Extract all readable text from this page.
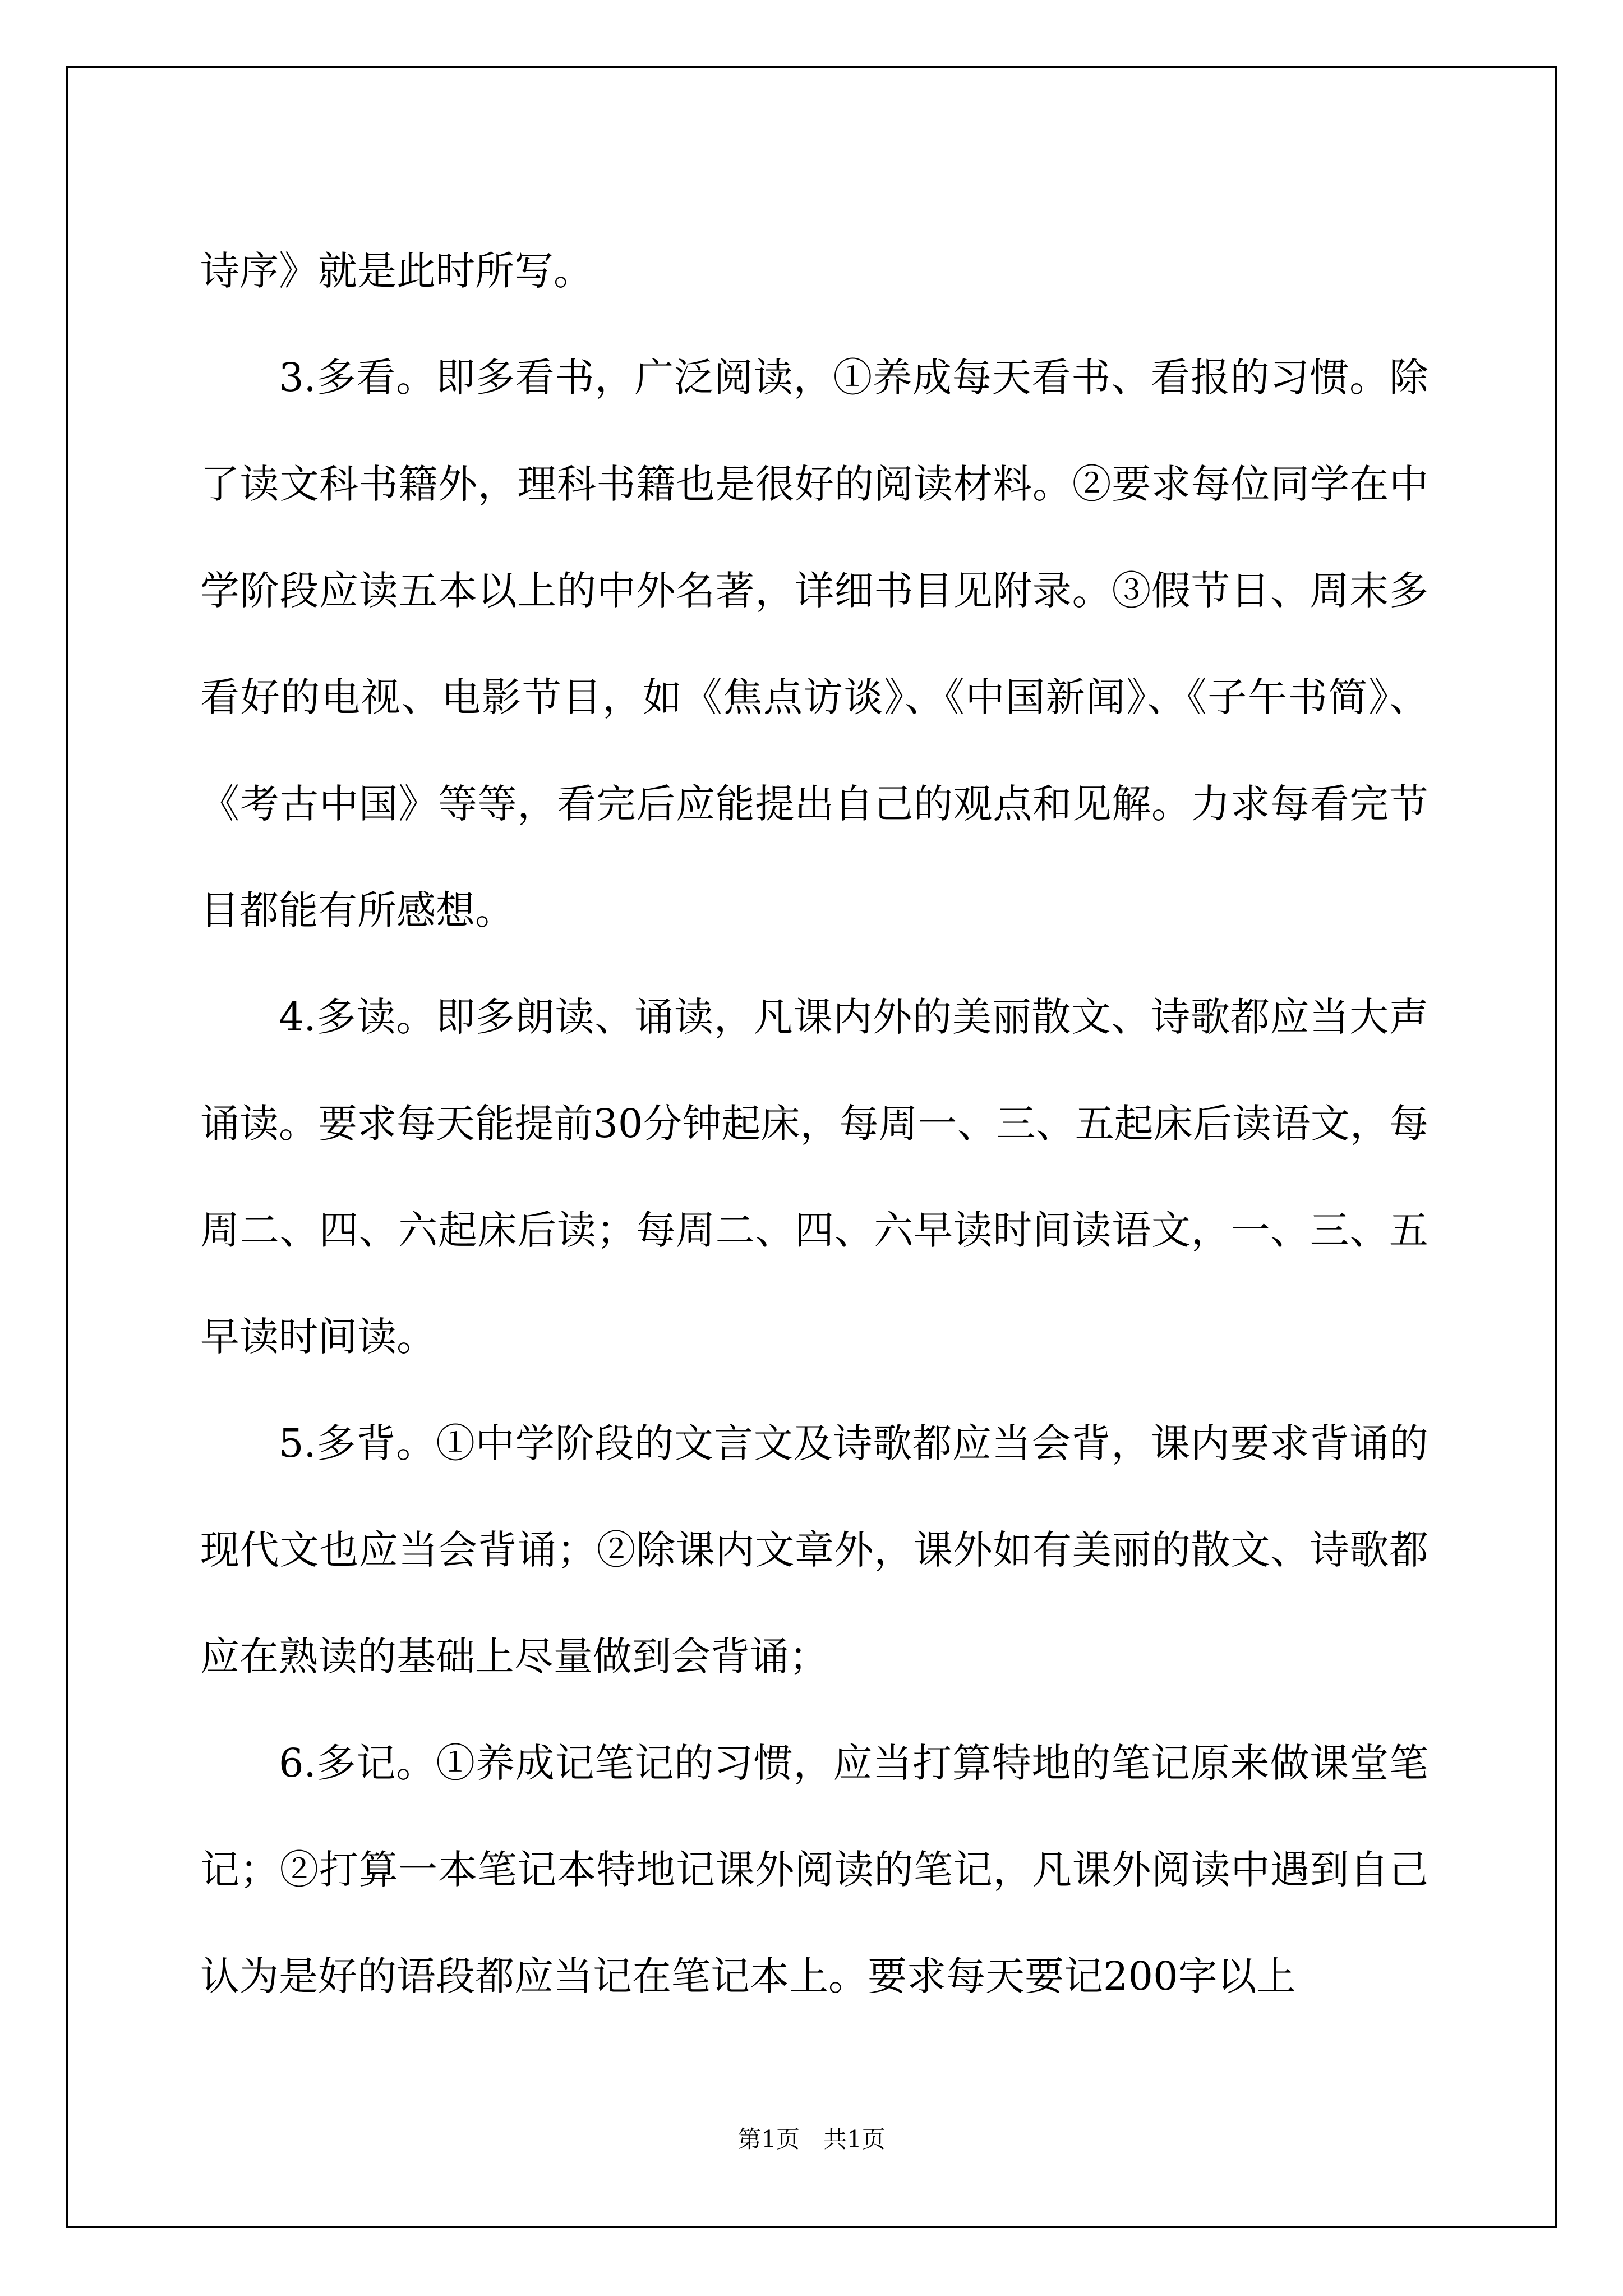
诗序》就是此时所写。

3.多看。即多看书，广泛阅读，①养成每天看书、看报的习惯。除了读文科书籍外，理科书籍也是很好的阅读材料。②要求每位同学在中学阶段应读五本以上的中外名著，详细书目见附录。③假节日、周末多看好的电视、电影节目，如《焦点访谈》、《中国新闻》、《子午书简》、《考古中国》等等，看完后应能提出自己的观点和见解。力求每看完节目都能有所感想。

4.多读。即多朗读、诵读，凡课内外的美丽散文、诗歌都应当大声诵读。要求每天能提前30分钟起床，每周一、三、五起床后读语文，每周二、四、六起床后读；每周二、四、六早读时间读语文，一、三、五早读时间读。

5.多背。①中学阶段的文言文及诗歌都应当会背，课内要求背诵的现代文也应当会背诵；②除课内文章外，课外如有美丽的散文、诗歌都应在熟读的基础上尽量做到会背诵；

6.多记。①养成记笔记的习惯，应当打算特地的笔记原来做课堂笔记；②打算一本笔记本特地记课外阅读的笔记，凡课外阅读中遇到自己认为是好的语段都应当记在笔记本上。要求每天要记200字以上

第1页　共1页
